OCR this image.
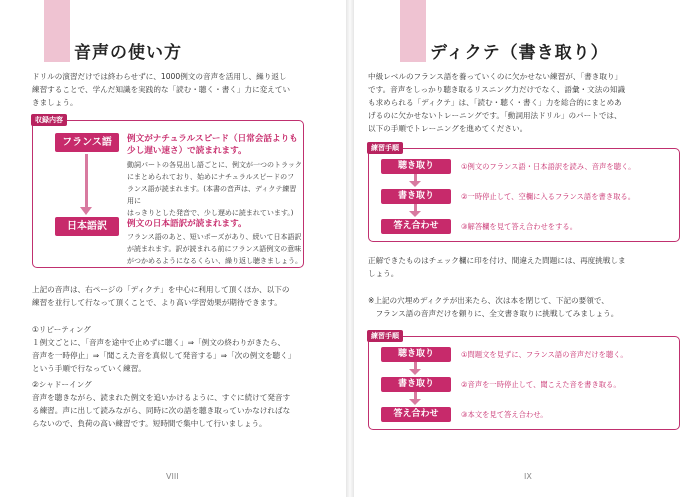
音声の使い方
ドリルの演習だけでは終わらせずに、1000例文の音声を活用し、繰り返し
練習することで、学んだ知識を実践的な「読む・聴く・書く」力に変えてい
きましょう。
収録内容
フランス語
日本語訳
例文がナチュラルスピード（日常会話よりも
少し遅い速さ）で読まれます。
動詞パートの各見出し語ごとに、例文が一つのトラック
にまとめられており、始めにナチュラルスピードのフ
ランス語が読まれます。(本書の音声は、ディクテ練習用に
はっきりとした発音で、少し遅めに読まれています。)
例文の日本語訳が読まれます。
フランス語のあと、短いポーズがあり、続いて日本語訳
が読まれます。訳が読まれる前にフランス語例文の意味
がつかめるようになるくらい、繰り返し聴きましょう。
上記の音声は、右ページの「ディクテ」を中心に利用して頂くほか、以下の
練習を並行して行なって頂くことで、より高い学習効果が期待できます。
①リピーティング
１例文ごとに、「音声を途中で止めずに聴く」⇒「例文の終わりがきたら、
音声を一時停止」⇒「聞こえた音を真似して発音する」⇒「次の例文を聴く」
という手順で行なっていく練習。
②シャドーイング
音声を聴きながら、読まれた例文を追いかけるように、すぐに続けて発音す
る練習。声に出して読みながら、同時に次の語を聴き取っていかなければな
らないので、負荷の高い練習です。短時間で集中して行いましょう。
VIII
ディクテ（書き取り）
中級レベルのフランス語を養っていくのに欠かせない練習が、「書き取り」
です。音声をしっかり聴き取るリスニング力だけでなく、語彙・文法の知識
も求められる「ディクテ」は、「読む・聴く・書く」力を総合的にまとめあ
げるのに欠かせないトレーニングです。「動詞用法ドリル」のパートでは、
以下の手順でトレーニングを進めてください。
練習手順
聴き取り
書き取り
答え合わせ
①例文のフランス語・日本語訳を読み、音声を聴く。
②一時停止して、空欄に入るフランス語を書き取る。
③解答欄を見て答え合わせをする。
正解できたものはチェック欄に印を付け、間違えた問題には、再度挑戦しま
しょう。
※上記の穴埋めディクテが出来たら、次は本を閉じて、下記の要領で、
　フランス語の音声だけを頼りに、全文書き取りに挑戦してみましょう。
練習手順
聴き取り
書き取り
答え合わせ
①問題文を見ずに、フランス語の音声だけを聴く。
②音声を一時停止して、聞こえた音を書き取る。
③本文を見て答え合わせ。
IX
